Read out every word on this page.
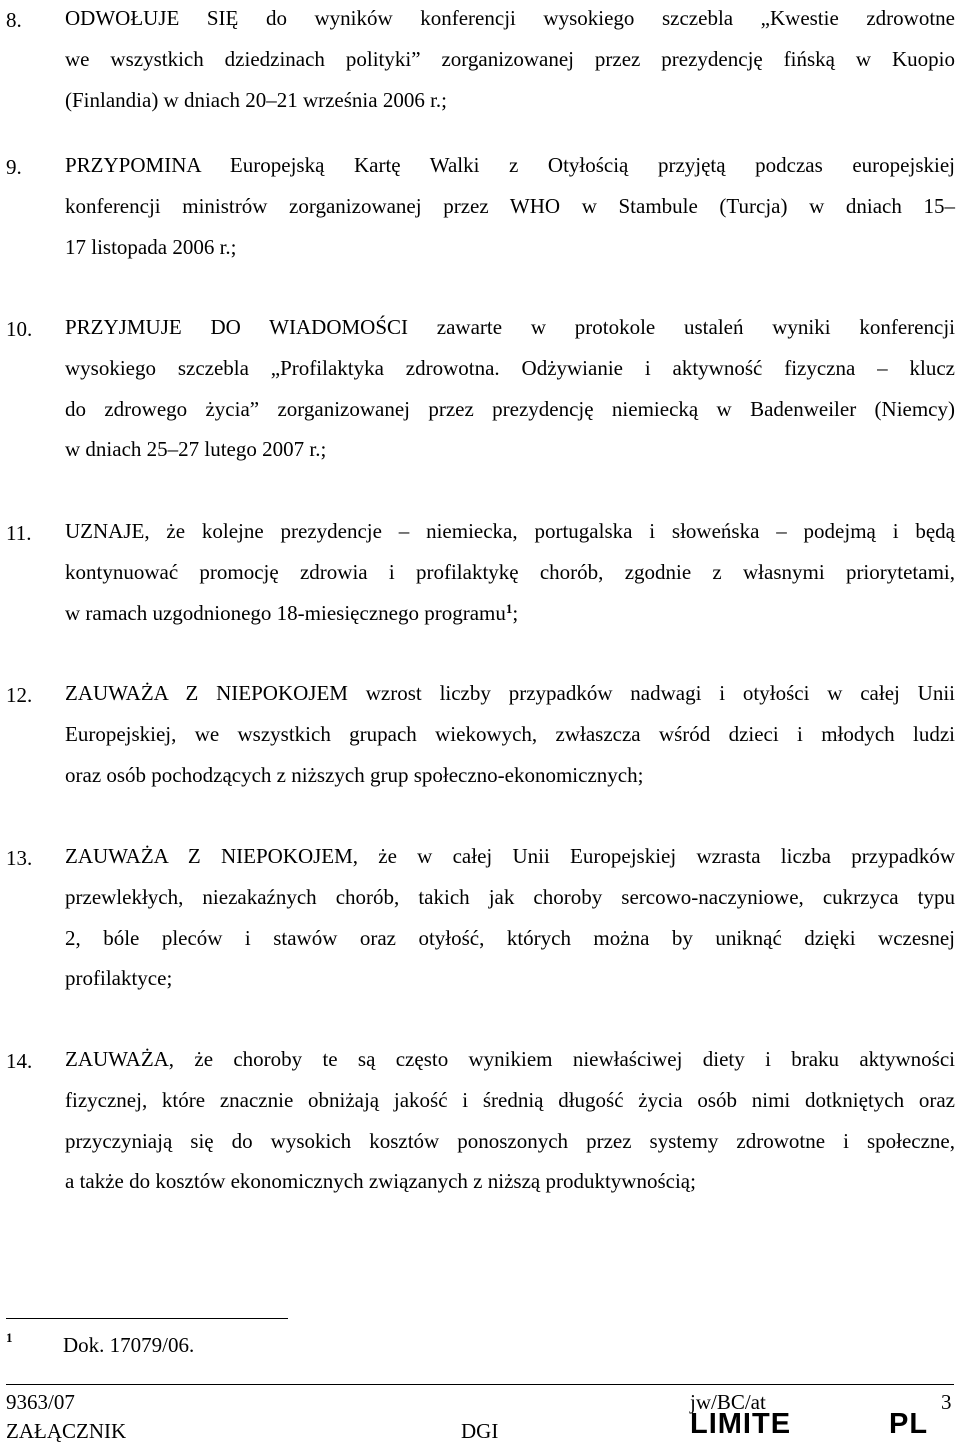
8. ODWOŁUJE SIĘ do wyników konferencji wysokiego szczebla „Kwestie zdrowotne
we wszystkich dziedzinach polityki” zorganizowanej przez prezydencję fińską w Kuopio
(Finlandia) w dniach 20–21 września 2006 r.;
9. PRZYPOMINA Europejską Kartę Walki z Otyłością przyjętą podczas europejskiej
konferencji ministrów zorganizowanej przez WHO w Stambule (Turcja) w dniach 15–
17 listopada 2006 r.;
10. PRZYJMUJE DO WIADOMOŚCI zawarte w protokole ustaleń wyniki konferencji
wysokiego szczebla „Profilaktyka zdrowotna. Odżywianie i aktywność fizyczna – klucz
do zdrowego życia” zorganizowanej przez prezydencję niemiecką w Badenweiler (Niemcy)
w dniach 25–27 lutego 2007 r.;
11. UZNAJE, że kolejne prezydencje – niemiecka, portugalska i słoweńska – podejmą i będą
kontynuować promocję zdrowia i profilaktykę chorób, zgodnie z własnymi priorytetami,
w ramach uzgodnionego 18-miesięcznego programu$^1$;
12. ZAUWAŻA Z NIEPOKOJEM wzrost liczby przypadków nadwagi i otyłości w całej Unii
Europejskiej, we wszystkich grupach wiekowych, zwłaszcza wśród dzieci i młodych ludzi
oraz osób pochodzących z niższych grup społeczno-ekonomicznych;
13. ZAUWAŻA Z NIEPOKOJEM, że w całej Unii Europejskiej wzrasta liczba przypadków
przewlekłych, niezakaźnych chorób, takich jak choroby sercowo-naczyniowe, cukrzyca typu
2, bóle pleców i stawów oraz otyłość, których można by uniknąć dzięki wczesnej
profilaktyce;
14. ZAUWAŻA, że choroby te są często wynikiem niewłaściwej diety i braku aktywności
fizycznej, które znacznie obniżają jakość i średnią długość życia osób nimi dotkniętych oraz
przyczyniają się do wysokich kosztów ponoszonych przez systemy zdrowotne i społeczne,
a także do kosztów ekonomicznych związanych z niższą produktywnością;
1 Dok. 17079/06.
9363/07	jw/BC/at	3
ZAŁĄCZNIK	DGI	LIMITE	PL
